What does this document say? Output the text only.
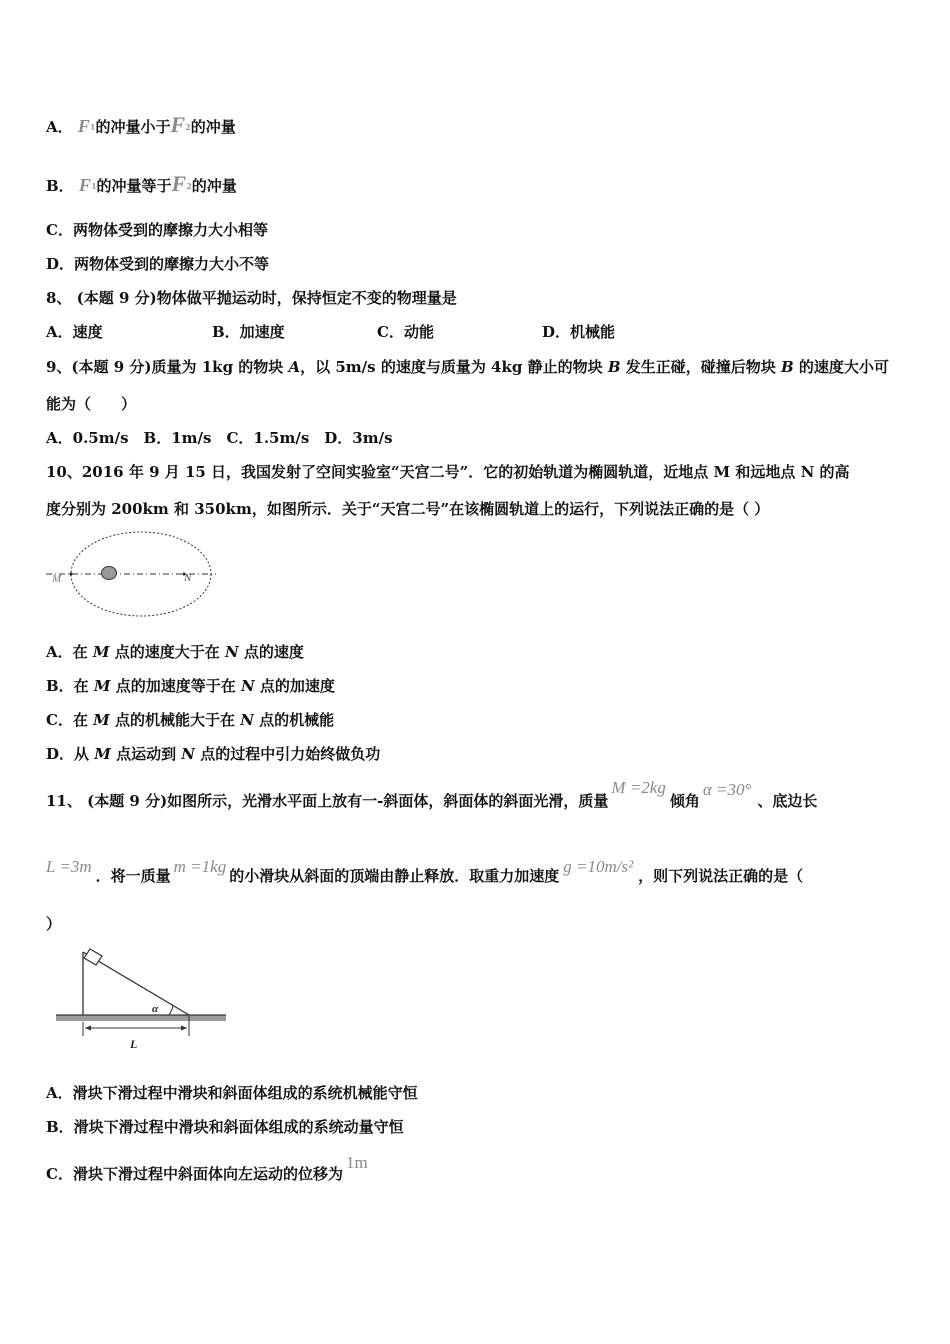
A． F1的冲量小于F2的冲量
B． F1的冲量等于F2的冲量
C．两物体受到的摩擦力大小相等
D．两物体受到的摩擦力大小不等
8、 (本题 9 分)物体做平抛运动时，保持恒定不变的物理量是
A．速度	B．加速度	C．动能	D．机械能
9、(本题 9 分)质量为 1kg 的物块 A，以 5m/s 的速度与质量为 4kg 静止的物块 B 发生正碰，碰撞后物块 B 的速度大小可
能为（　　）
A．0.5m/s　B．1m/s　C．1.5m/s　D．3m/s
10、2016 年 9 月 15 日，我国发射了空间实验室“天宫二号”．它的初始轨道为椭圆轨道，近地点 M 和远地点 N 的高
度分别为 200km 和 350km，如图所示．关于“天宫二号”在该椭圆轨道上的运行，下列说法正确的是（ ）
M	N
A．在 M 点的速度大于在 N 点的速度
B．在 M 点的加速度等于在 N 点的加速度
C．在 M 点的机械能大于在 N 点的机械能
D．从 M 点运动到 N 点的过程中引力始终做负功
11、 (本题 9 分)如图所示，光滑水平面上放有一-斜面体，斜面体的斜面光滑，质量M =2kg倾角α =30°、底边长
L =3m ．将一质量 m =1kg 的小滑块从斜面的顶端由静止释放．取重力加速度 g =10m/s² ，则下列说法正确的是（
）
α
L
A．滑块下滑过程中滑块和斜面体组成的系统机械能守恒
B．滑块下滑过程中滑块和斜面体组成的系统动量守恒
C．滑块下滑过程中斜面体向左运动的位移为1m
